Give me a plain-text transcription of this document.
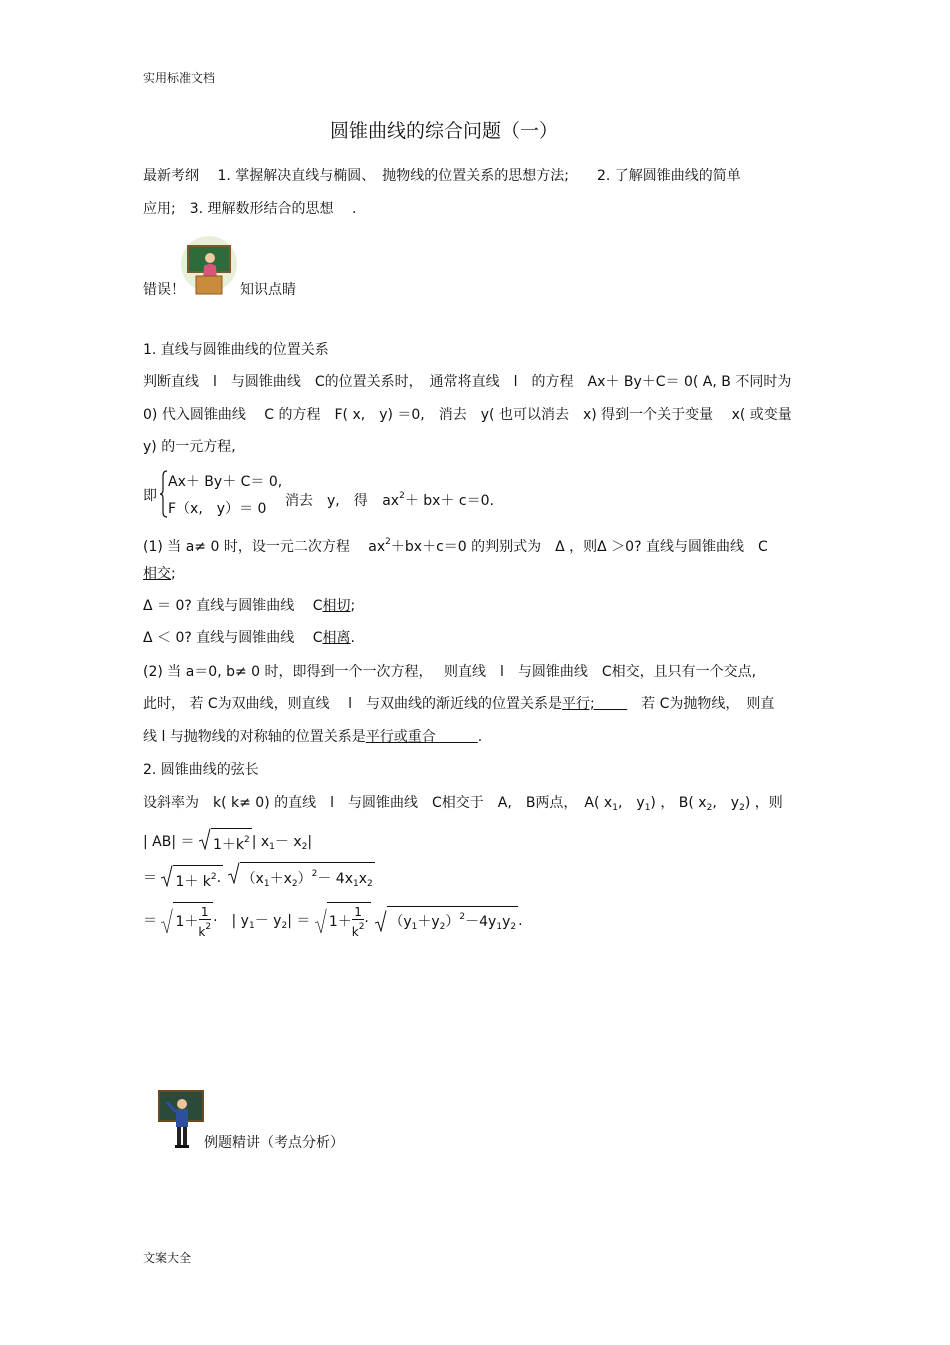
实用标准文档
圆锥曲线的综合问题（一）
最新考纲　 1. 掌握解决直线与椭圆、　抛物线的位置关系的思想方法;　　2. 了解圆锥曲线的简单
应用;　3. 理解数形结合的思想　 .
错误！	知识点睛
1. 直线与圆锥曲线的位置关系
判断直线　l　与圆锥曲线　C的位置关系时，　通常将直线　l　的方程　Ax＋ By＋C＝ 0( A, B 不同时为
0) 代入圆锥曲线　 C 的方程　F( x,　y) ＝0,　消去　y( 也可以消去　x) 得到一个关于变量　 x( 或变量
y) 的一元方程,
即
Ax＋ By＋ C＝ 0,
F（x,　y）＝ 0 消去　y,　得 $ax^2+ bx+ c=0$.
(1) 当 a≠ 0 时，设一元二次方程　 $ax^2+bx+c=0$ 的判别式为　Δ ，则Δ ＞0? 直线与圆锥曲线　C
相交;
Δ ＝ 0? 直线与圆锥曲线　 C相切;
Δ ＜ 0? 直线与圆锥曲线　 C相离.
(2) 当 a＝0, b≠ 0 时，即得到一个一次方程，　 则直线　l　与圆锥曲线　C相交，且只有一个交点,
此时， 若 C为双曲线，则直线　 l　与双曲线的渐近线的位置关系是平行;　 　　若 C为抛物线，　则直
线 l 与抛物线的对称轴的位置关系是平行或重合　　　.
2. 圆锥曲线的弦长
设斜率为　k( k≠ 0) 的直线　l　与圆锥曲线　C相交于　A,　B两点，　A( $x_1$,　$y_1$) ， B( $x_2$,　$y_2$) ，则
| $AB| = 1+k^2$ | $x_1- x_2|$
＝ $1+ k^2\cdot$
$(x_1+x_2)^2- 4x_1x_2$
＝ $1+ \frac{1}{k^2}$ ·　| $y_1- y_2| = 1+ \frac{1}{k^2}$ ·
$(y_1+y_2)^2-4y_1y_2$ .
例题精讲（考点分析）
文案大全
